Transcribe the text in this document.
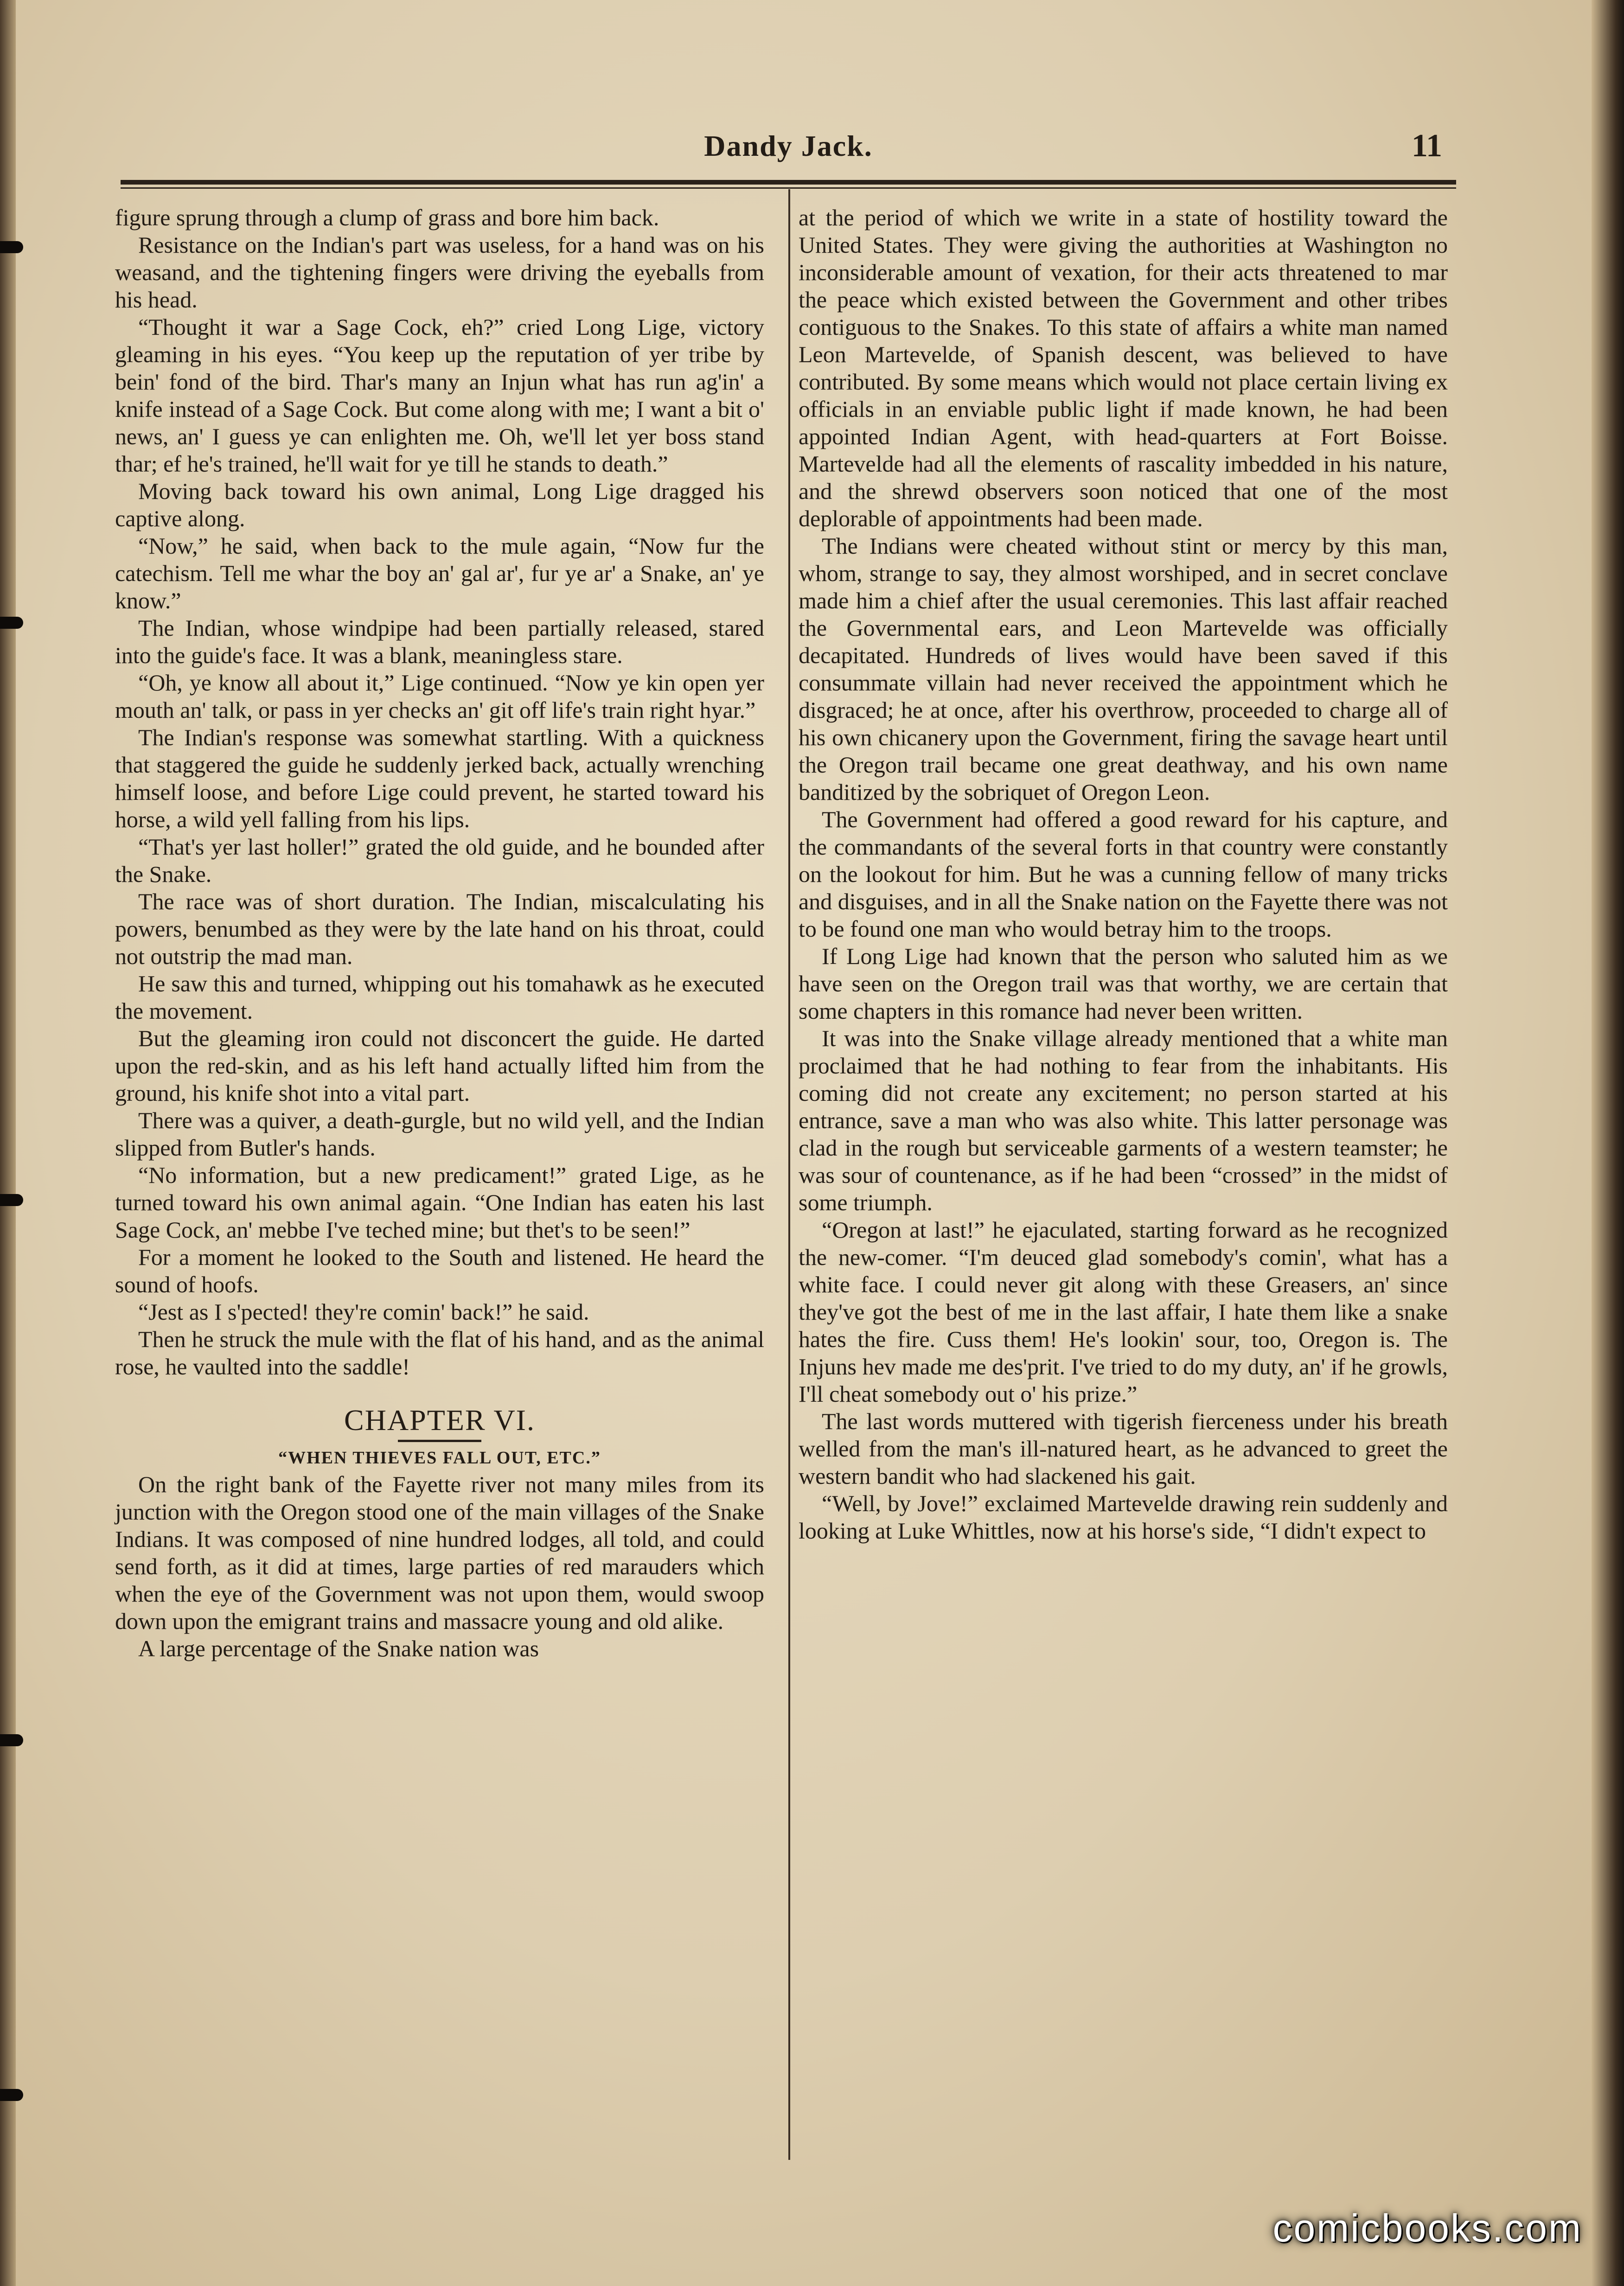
Dandy Jack.	11

figure sprung through a clump of grass and bore him back.

Resistance on the Indian's part was useless, for a hand was on his weasand, and the tightening fingers were driving the eyeballs from his head.

“Thought it war a Sage Cock, eh?” cried Long Lige, victory gleaming in his eyes. “You keep up the reputation of yer tribe by bein' fond of the bird. Thar's many an Injun what has run ag'in' a knife instead of a Sage Cock. But come along with me; I want a bit o' news, an' I guess ye can enlighten me. Oh, we'll let yer boss stand thar; ef he's trained, he'll wait for ye till he stands to death.”

Moving back toward his own animal, Long Lige dragged his captive along.

“Now,” he said, when back to the mule again, “Now fur the catechism. Tell me whar the boy an' gal ar', fur ye ar' a Snake, an' ye know.”

The Indian, whose windpipe had been partially released, stared into the guide's face. It was a blank, meaningless stare.

“Oh, ye know all about it,” Lige continued. “Now ye kin open yer mouth an' talk, or pass in yer checks an' git off life's train right hyar.”

The Indian's response was somewhat startling. With a quickness that staggered the guide he suddenly jerked back, actually wrenching himself loose, and before Lige could prevent, he started toward his horse, a wild yell falling from his lips.

“That's yer last holler!” grated the old guide, and he bounded after the Snake.

The race was of short duration. The Indian, miscalculating his powers, benumbed as they were by the late hand on his throat, could not outstrip the mad man.

He saw this and turned, whipping out his tomahawk as he executed the movement.

But the gleaming iron could not disconcert the guide. He darted upon the red-skin, and as his left hand actually lifted him from the ground, his knife shot into a vital part.

There was a quiver, a death-gurgle, but no wild yell, and the Indian slipped from Butler's hands.

“No information, but a new predicament!” grated Lige, as he turned toward his own animal again. “One Indian has eaten his last Sage Cock, an' mebbe I've teched mine; but thet's to be seen!”

For a moment he looked to the South and listened. He heard the sound of hoofs.

“Jest as I s'pected! they're comin' back!” he said.

Then he struck the mule with the flat of his hand, and as the animal rose, he vaulted into the saddle!

CHAPTER VI.
“WHEN THIEVES FALL OUT, ETC.”

On the right bank of the Fayette river not many miles from its junction with the Oregon stood one of the main villages of the Snake Indians. It was composed of nine hundred lodges, all told, and could send forth, as it did at times, large parties of red marauders which when the eye of the Government was not upon them, would swoop down upon the emigrant trains and massacre young and old alike.

A large percentage of the Snake nation was

at the period of which we write in a state of hostility toward the United States. They were giving the authorities at Washington no inconsiderable amount of vexation, for their acts threatened to mar the peace which existed between the Government and other tribes contiguous to the Snakes. To this state of affairs a white man named Leon Martevelde, of Spanish descent, was believed to have contributed. By some means which would not place certain living ex officials in an enviable public light if made known, he had been appointed Indian Agent, with head-quarters at Fort Boisse. Martevelde had all the elements of rascality imbedded in his nature, and the shrewd observers soon noticed that one of the most deplorable of appointments had been made.

The Indians were cheated without stint or mercy by this man, whom, strange to say, they almost worshiped, and in secret conclave made him a chief after the usual ceremonies. This last affair reached the Governmental ears, and Leon Martevelde was officially decapitated. Hundreds of lives would have been saved if this consummate villain had never received the appointment which he disgraced; he at once, after his overthrow, proceeded to charge all of his own chicanery upon the Government, firing the savage heart until the Oregon trail became one great deathway, and his own name banditized by the sobriquet of Oregon Leon.

The Government had offered a good reward for his capture, and the commandants of the several forts in that country were constantly on the lookout for him. But he was a cunning fellow of many tricks and disguises, and in all the Snake nation on the Fayette there was not to be found one man who would betray him to the troops.

If Long Lige had known that the person who saluted him as we have seen on the Oregon trail was that worthy, we are certain that some chapters in this romance had never been written.

It was into the Snake village already mentioned that a white man proclaimed that he had nothing to fear from the inhabitants. His coming did not create any excitement; no person started at his entrance, save a man who was also white. This latter personage was clad in the rough but serviceable garments of a western teamster; he was sour of countenance, as if he had been “crossed” in the midst of some triumph.

“Oregon at last!” he ejaculated, starting forward as he recognized the new-comer. “I'm deuced glad somebody's comin', what has a white face. I could never git along with these Greasers, an' since they've got the best of me in the last affair, I hate them like a snake hates the fire. Cuss them! He's lookin' sour, too, Oregon is. The Injuns hev made me des'prit. I've tried to do my duty, an' if he growls, I'll cheat somebody out o' his prize.”

The last words muttered with tigerish fierceness under his breath welled from the man's ill-natured heart, as he advanced to greet the western bandit who had slackened his gait.

“Well, by Jove!” exclaimed Martevelde drawing rein suddenly and looking at Luke Whittles, now at his horse's side, “I didn't expect to

comicbooks.com
